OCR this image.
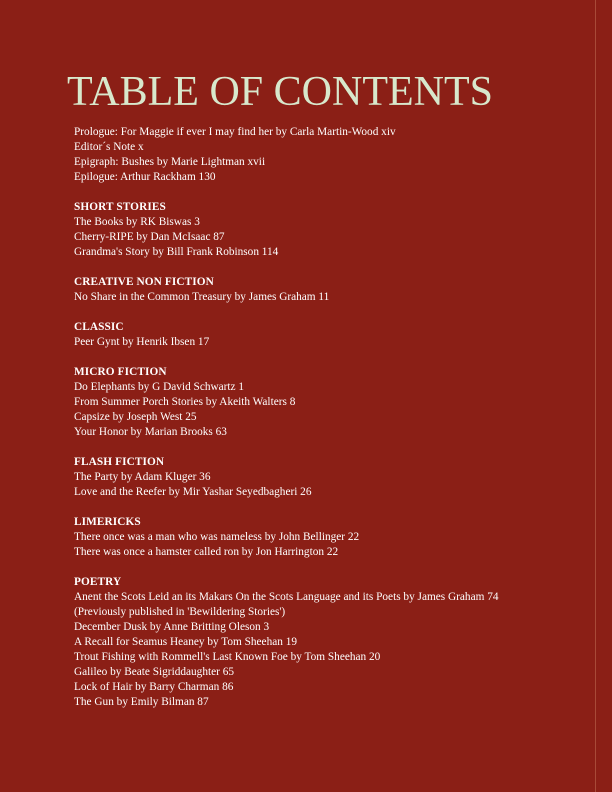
TABLE OF CONTENTS
Prologue: For Maggie if ever I may find her by Carla Martin-Wood xiv
Editor´s Note x
Epigraph: Bushes by Marie Lightman xvii
Epilogue: Arthur Rackham 130
SHORT STORIES
The Books by RK Biswas 3
Cherry-RIPE by Dan McIsaac 87
Grandma's Story by Bill Frank Robinson 114
CREATIVE NON FICTION
No Share in the Common Treasury by James Graham 11
CLASSIC
Peer Gynt by Henrik Ibsen 17
MICRO FICTION
Do Elephants by G David Schwartz 1
From Summer Porch Stories by Akeith Walters 8
Capsize by Joseph West 25
Your Honor by Marian Brooks 63
FLASH FICTION
The Party by Adam Kluger 36
Love and the Reefer by Mir Yashar Seyedbagheri 26
LIMERICKS
There once was a man who was nameless by John Bellinger 22
There was once a hamster called ron by Jon Harrington 22
POETRY
Anent the Scots Leid an its Makars On the Scots Language and its Poets by James Graham 74
(Previously published in 'Bewildering Stories')
December Dusk by Anne Britting Oleson 3
A Recall for Seamus Heaney by Tom Sheehan 19
Trout Fishing with Rommell's Last Known Foe by Tom Sheehan 20
Galileo by Beate Sigriddaughter 65
Lock of Hair by Barry Charman 86
The Gun by Emily Bilman 87
